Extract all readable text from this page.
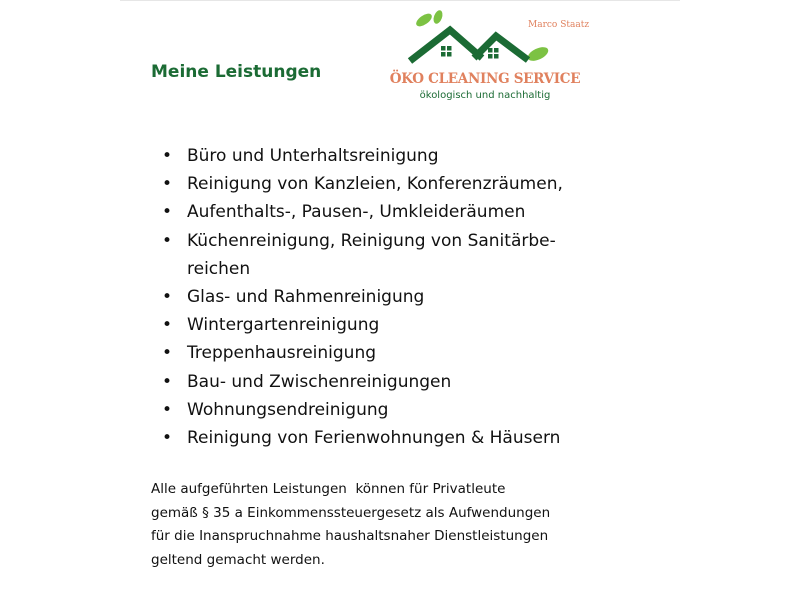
Meine Leistungen
Marco Staatz
ÖKO CLEANING SERVICE
ökologisch und nachhaltig
• Büro und Unterhaltsreinigung
• Reinigung von Kanzleien, Konferenzräumen,
• Aufenthalts-, Pausen-, Umkleideräumen
• Küchenreinigung, Reinigung von Sanitärbe-
reichen
• Glas- und Rahmenreinigung
• Wintergartenreinigung
• Treppenhausreinigung
• Bau- und Zwischenreinigungen
• Wohnungsendreinigung
• Reinigung von Ferienwohnungen & Häusern

Alle aufgeführten Leistungen  können für Privatleute
gemäß § 35 a Einkommenssteuergesetz als Aufwendungen
für die Inanspruchnahme haushaltsnaher Dienstleistungen
geltend gemacht werden.
